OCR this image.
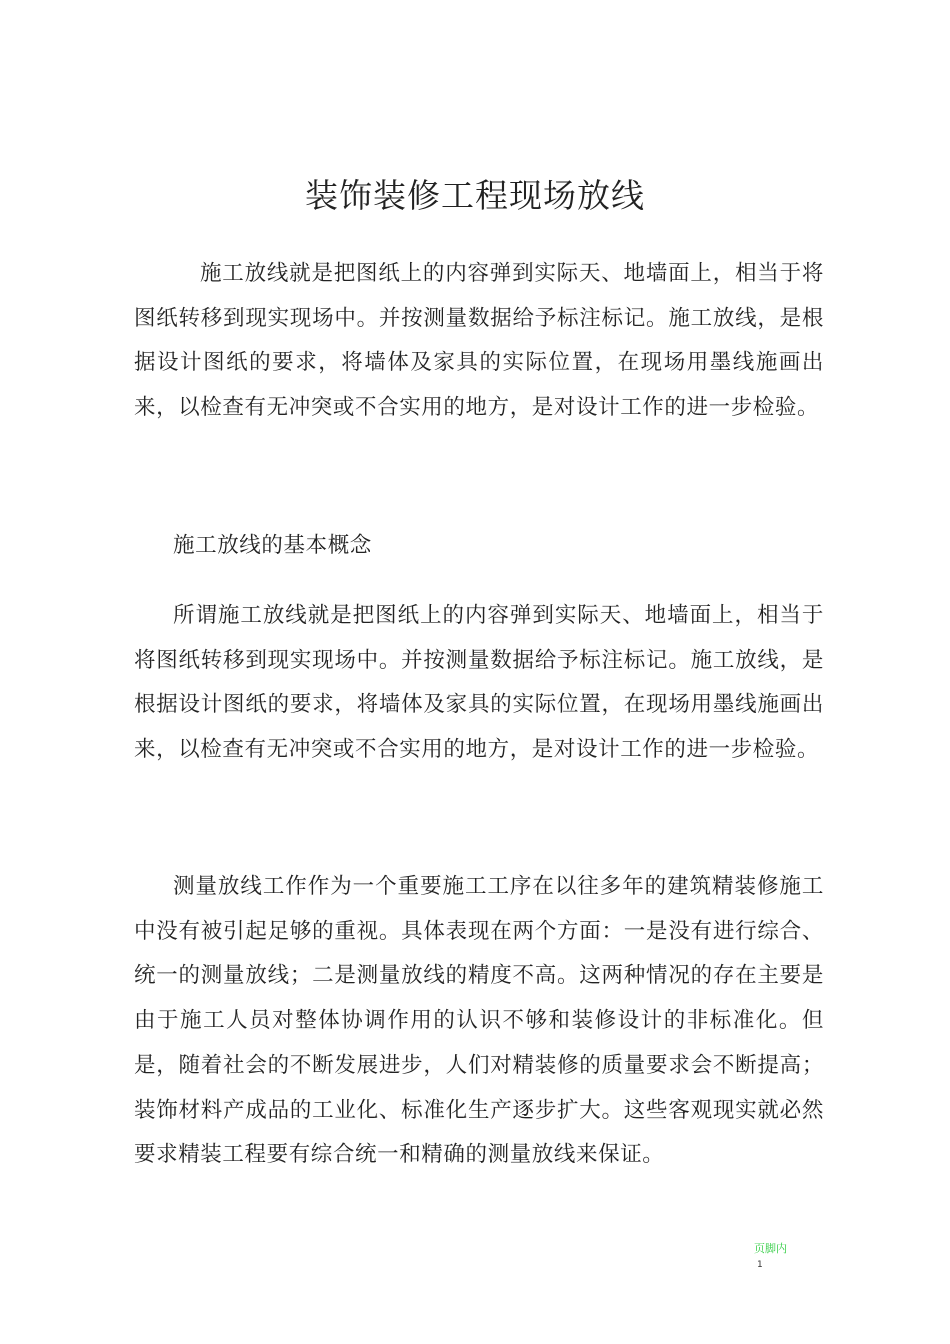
装饰装修工程现场放线

施工放线就是把图纸上的内容弹到实际天、地墙面上，相当于将图纸转移到现实现场中。并按测量数据给予标注标记。施工放线，是根据设计图纸的要求，将墙体及家具的实际位置，在现场用墨线施画出来，以检查有无冲突或不合实用的地方，是对设计工作的进一步检验。

施工放线的基本概念

所谓施工放线就是把图纸上的内容弹到实际天、地墙面上，相当于将图纸转移到现实现场中。并按测量数据给予标注标记。施工放线，是根据设计图纸的要求，将墙体及家具的实际位置，在现场用墨线施画出来，以检查有无冲突或不合实用的地方，是对设计工作的进一步检验。

测量放线工作作为一个重要施工工序在以往多年的建筑精装修施工中没有被引起足够的重视。具体表现在两个方面：一是没有进行综合、统一的测量放线；二是测量放线的精度不高。这两种情况的存在主要是由于施工人员对整体协调作用的认识不够和装修设计的非标准化。但是，随着社会的不断发展进步，人们对精装修的质量要求会不断提高；装饰材料产成品的工业化、标准化生产逐步扩大。这些客观现实就必然要求精装工程要有综合统一和精确的测量放线来保证。

页脚内
1
